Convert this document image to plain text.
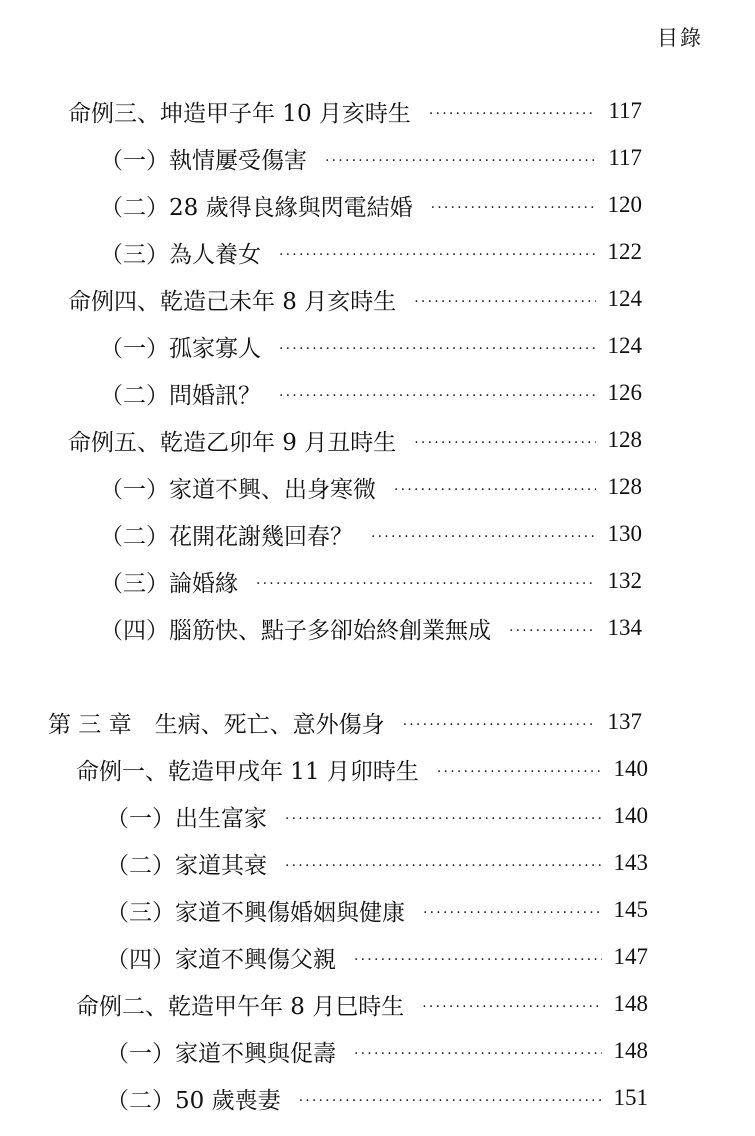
目錄
命例三、坤造甲子年 10 月亥時生 ·····	117
（一）執情屢受傷害 ·····	117
（二）28 歲得良緣與閃電結婚 ·····	120
（三）為人養女 ·····	122
命例四、乾造己未年 8 月亥時生 ·····	124
（一）孤家寡人 ·····	124
（二）問婚訊？ ·····	126
命例五、乾造乙卯年 9 月丑時生 ·····	128
（一）家道不興、出身寒微 ·····	128
（二）花開花謝幾回春？ ·····	130
（三）論婚緣 ·····	132
（四）腦筋快、點子多卻始終創業無成 ·····	134
第 三 章　生病、死亡、意外傷身 ·····	137
命例一、乾造甲戌年 11 月卯時生 ·····	140
（一）出生富家 ·····	140
（二）家道其衰 ·····	143
（三）家道不興傷婚姻與健康 ·····	145
（四）家道不興傷父親 ·····	147
命例二、乾造甲午年 8 月巳時生 ·····	148
（一）家道不興與促壽 ·····	148
（二）50 歲喪妻 ·····	151
